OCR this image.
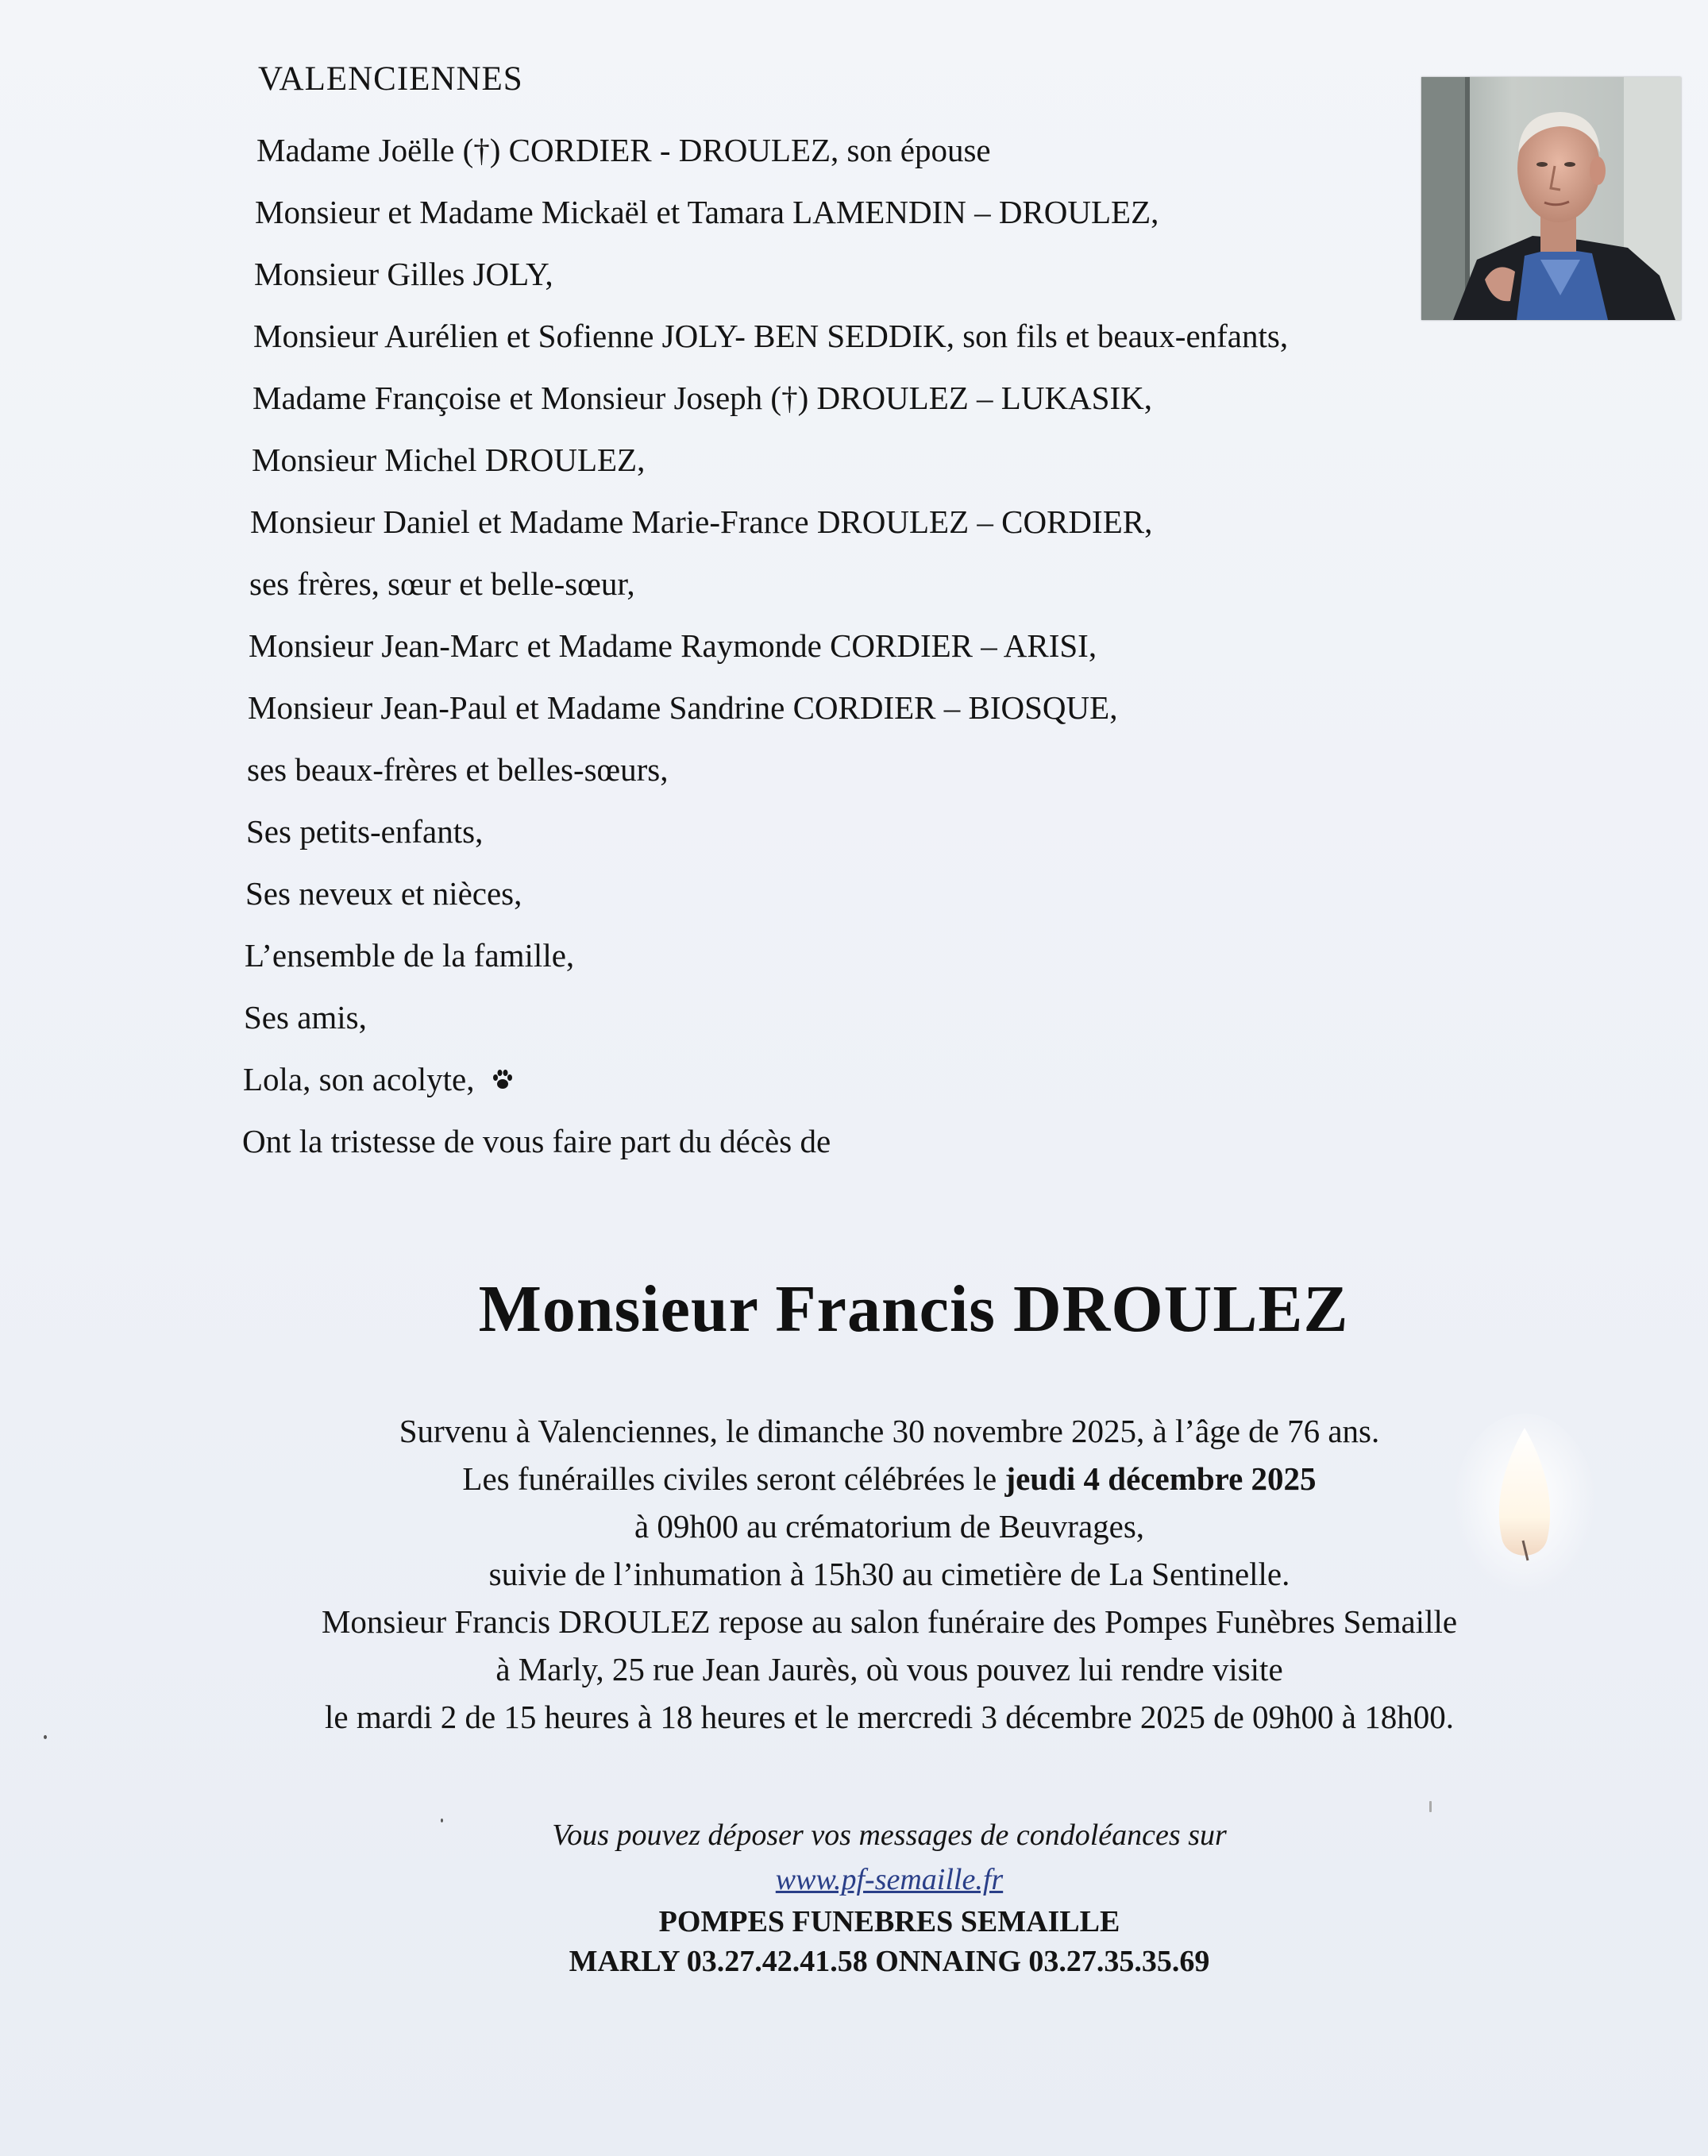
VALENCIENNES
Madame Joëlle (†) CORDIER - DROULEZ, son épouse
Monsieur et Madame Mickaël et Tamara LAMENDIN – DROULEZ,
Monsieur Gilles JOLY,
Monsieur Aurélien et Sofienne JOLY- BEN SEDDIK, son fils et beaux-enfants,
Madame Françoise et Monsieur Joseph (†) DROULEZ – LUKASIK,
Monsieur Michel DROULEZ,
Monsieur Daniel et Madame Marie-France DROULEZ – CORDIER,
ses frères, sœur et belle-sœur,
Monsieur Jean-Marc et Madame Raymonde CORDIER – ARISI,
Monsieur Jean-Paul et Madame Sandrine CORDIER – BIOSQUE,
ses beaux-frères et belles-sœurs,
Ses petits-enfants,
Ses neveux et nièces,
L’ensemble de la famille,
Ses amis,
Lola, son acolyte,
Ont la tristesse de vous faire part du décès de
Monsieur Francis DROULEZ

Survenu à Valenciennes, le dimanche 30 novembre 2025, à l’âge de 76 ans.

Les funérailles civiles seront célébrées le jeudi 4 décembre 2025

à 09h00 au crématorium de Beuvrages,

suivie de l’inhumation à 15h30 au cimetière de La Sentinelle.

Monsieur Francis DROULEZ repose au salon funéraire des Pompes Funèbres Semaille

à Marly, 25 rue Jean Jaurès, où vous pouvez lui rendre visite

le mardi 2 de 15 heures à 18 heures et le mercredi 3 décembre 2025 de 09h00 à 18h00.

Vous pouvez déposer vos messages de condoléances sur
www.pf-semaille.fr
POMPES FUNEBRES SEMAILLE
MARLY 03.27.42.41.58 ONNAING 03.27.35.35.69
